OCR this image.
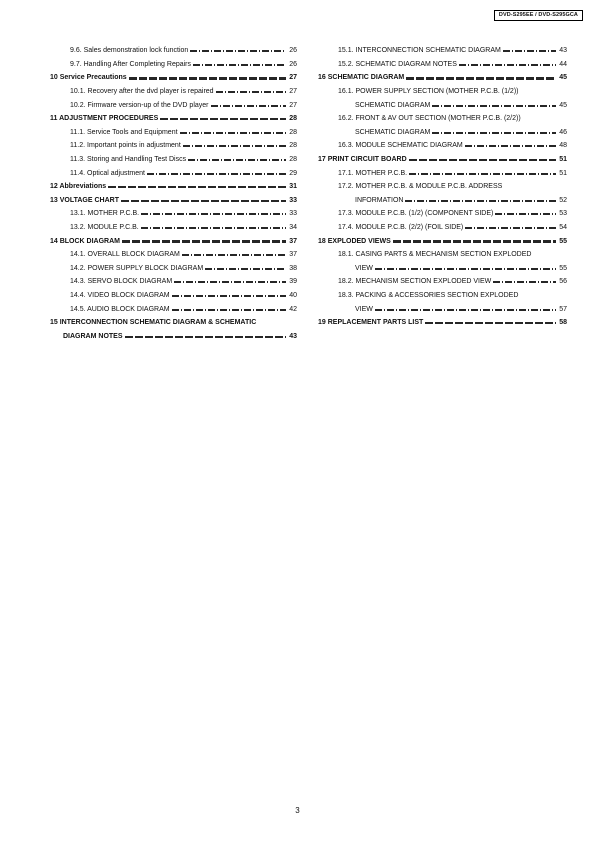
DVD-S295EE / DVD-S295GCA
9.6. Sales demonstration lock function	26
9.7. Handling After Completing Repairs	26
10 Service Precautions	27
10.1. Recovery after the dvd player is repaired	27
10.2. Firmware version-up of the DVD player	27
11 ADJUSTMENT PROCEDURES	28
11.1. Service Tools and Equipment	28
11.2. Important points in adjustment	28
11.3. Storing and Handling Test Discs	28
11.4. Optical adjustment	29
12 Abbreviations	31
13 VOLTAGE CHART	33
13.1. MOTHER P.C.B.	33
13.2. MODULE P.C.B.	34
14 BLOCK DIAGRAM	37
14.1. OVERALL BLOCK DIAGRAM	37
14.2. POWER SUPPLY BLOCK DIAGRAM	38
14.3. SERVO BLOCK DIAGRAM	39
14.4. VIDEO BLOCK DIAGRAM	40
14.5. AUDIO BLOCK DIAGRAM	42
15 INTERCONNECTION SCHEMATIC DIAGRAM & SCHEMATIC
DIAGRAM NOTES	43
15.1. INTERCONNECTION SCHEMATIC DIAGRAM	43
15.2. SCHEMATIC DIAGRAM NOTES	44
16 SCHEMATIC DIAGRAM	45
16.1. POWER SUPPLY SECTION (MOTHER P.C.B. (1/2))
SCHEMATIC DIAGRAM	45
16.2. FRONT & AV OUT SECTION (MOTHER P.C.B. (2/2))
SCHEMATIC DIAGRAM	46
16.3. MODULE SCHEMATIC DIAGRAM	48
17 PRINT CIRCUIT BOARD	51
17.1. MOTHER P.C.B.	51
17.2. MOTHER P.C.B. & MODULE P.C.B. ADDRESS
INFORMATION	52
17.3. MODULE P.C.B. (1/2) (COMPONENT SIDE)	53
17.4. MODULE P.C.B. (2/2) (FOIL SIDE)	54
18 EXPLODED VIEWS	55
18.1. CASING PARTS & MECHANISM SECTION EXPLODED
VIEW	55
18.2. MECHANISM SECTION EXPLODED VIEW	56
18.3. PACKING & ACCESSORIES SECTION EXPLODED
VIEW	57
19 REPLACEMENT PARTS LIST	58
3
